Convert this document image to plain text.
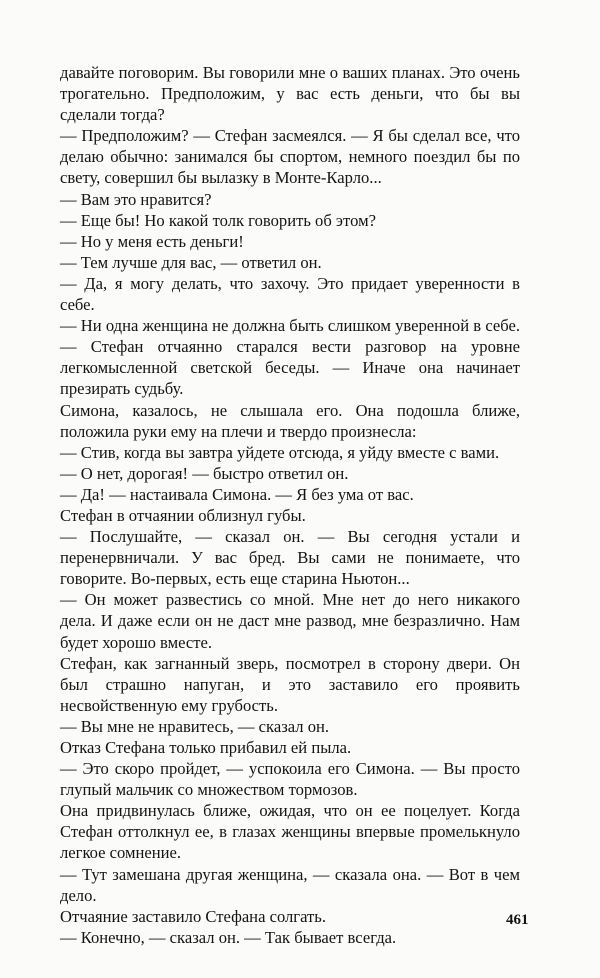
давайте поговорим. Вы говорили мне о ваших планах. Это очень трогательно. Предположим, у вас есть деньги, что бы вы сделали тогда?

— Предположим? — Стефан засмеялся. — Я бы сделал все, что делаю обычно: занимался бы спортом, немного поездил бы по свету, совершил бы вылазку в Монте-Карло...

— Вам это нравится?

— Еще бы! Но какой толк говорить об этом?

— Но у меня есть деньги!

— Тем лучше для вас, — ответил он.

— Да, я могу делать, что захочу. Это придает уверенности в себе.

— Ни одна женщина не должна быть слишком уверенной в себе. — Стефан отчаянно старался вести разговор на уровне легкомысленной светской беседы. — Иначе она начинает презирать судьбу.

Симона, казалось, не слышала его. Она подошла ближе, положила руки ему на плечи и твердо произнесла:

— Стив, когда вы завтра уйдете отсюда, я уйду вместе с вами.

— О нет, дорогая! — быстро ответил он.

— Да! — настаивала Симона. — Я без ума от вас.

Стефан в отчаянии облизнул губы.

— Послушайте, — сказал он. — Вы сегодня устали и перенервничали. У вас бред. Вы сами не понимаете, что говорите. Во-первых, есть еще старина Ньютон...

— Он может развестись со мной. Мне нет до него никакого дела. И даже если он не даст мне развод, мне безразлично. Нам будет хорошо вместе.

Стефан, как загнанный зверь, посмотрел в сторону двери. Он был страшно напуган, и это заставило его проявить несвойственную ему грубость.

— Вы мне не нравитесь, — сказал он.

Отказ Стефана только прибавил ей пыла.

— Это скоро пройдет, — успокоила его Симона. — Вы просто глупый мальчик со множеством тормозов.

Она придвинулась ближе, ожидая, что он ее поцелует. Когда Стефан оттолкнул ее, в глазах женщины впервые промелькнуло легкое сомнение.

— Тут замешана другая женщина, — сказала она. — Вот в чем дело.

Отчаяние заставило Стефана солгать.

— Конечно, — сказал он. — Так бывает всегда.

461
